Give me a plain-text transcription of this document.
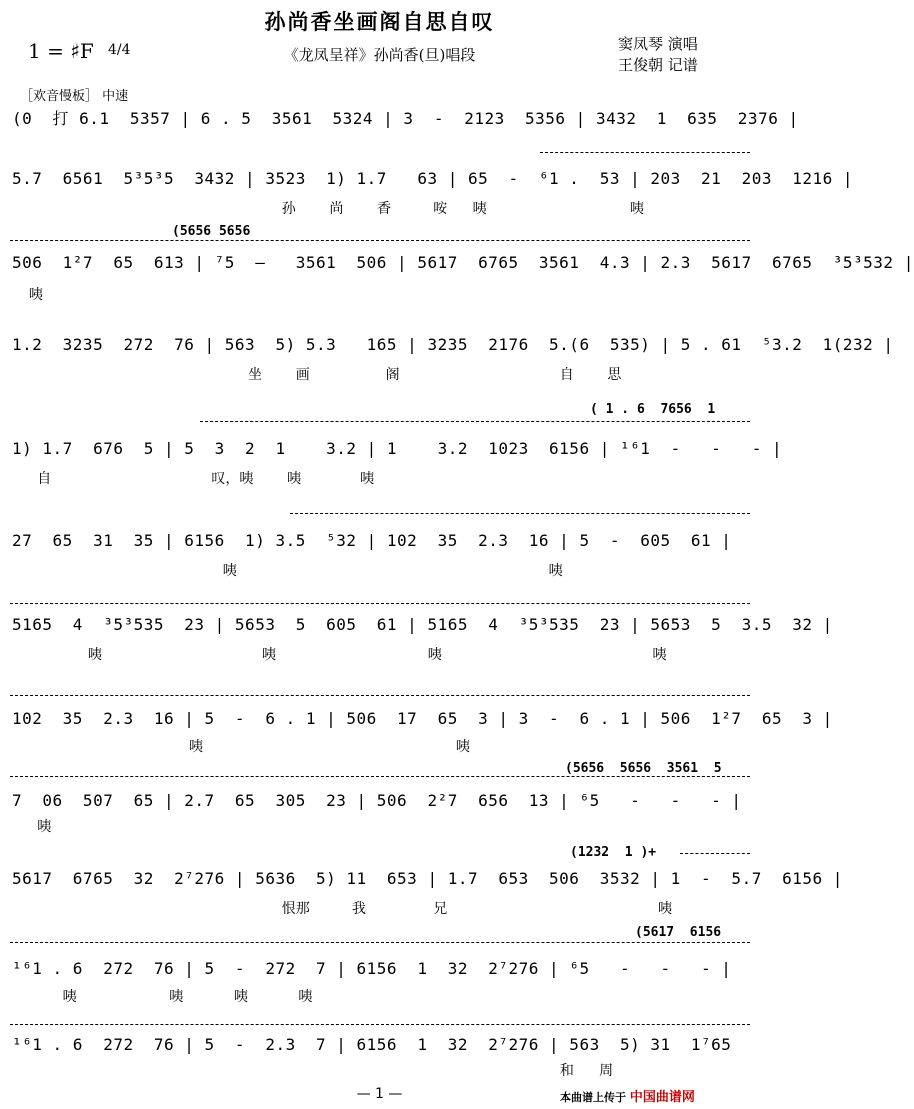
孙尚香坐画阁自思自叹
《龙凤呈祥》孙尚香(旦)唱段
1 = ♯F 4/4	窦凤琴 演唱
王俊朝 记谱
［欢音慢板］ 中速
(5656 5656
( 1 . 6  7656  1
(5656  5656  3561  5
(1232  1 )+
(5617  6156
(0  打 6.1  5357 | 6 . 5  3561  5324 | 3  -  2123  5356 | 3432  1  635  2376 |
5.7  6561  5³5³5  3432 | 3523  1) 1.7   63 | 65  -  ⁶1 .  53 | 203  21  203  1216 |
孙    尚    香     咹   咦                 咦
506  1²7  65  613 | ⁷5  —   3561  506 | 5617  6765  3561  4.3 | 2.3  5617  6765  ³5³532 |
咦
1.2  3235  272  76 | 563  5) 5.3   165 | 3235  2176  5.(6  535) | 5 . 61  ⁵3.2  1(232 |
坐    画         阁                   自    思
1) 1.7  676  5 | 5  3  2  1    3.2 | 1    3.2  1023  6156 | ¹⁶1  -   -   - |
自                   叹，咦    咦       咦
27  65  31  35 | 6156  1) 3.5  ⁵32 | 102  35  2.3  16 | 5  -  605  61 |
咦                                     咦
5165  4  ³5³535  23 | 5653  5  605  61 | 5165  4  ³5³535  23 | 5653  5  3.5  32 |
咦                   咦                  咦                         咦
102  35  2.3  16 | 5  -  6 . 1 | 506  17  65  3 | 3  -  6 . 1 | 506  1²7  65  3 |
咦                              咦
7  06  507  65 | 2.7  65  305  23 | 506  2²7  656  13 | ⁶5   -   -   - |
咦
5617  6765  32  2⁷276 | 5636  5) 11  653 | 1.7  653  506  3532 | 1  -  5.7  6156 |
恨那     我        兄                         咦
¹⁶1 . 6  272  76 | 5  -  272  7 | 6156  1  32  2⁷276 | ⁶5   -   -   - |
咦           咦      咦      咦
¹⁶1 . 6  272  76 | 5  -  2.3  7 | 6156  1  32  2⁷276 | 563  5) 31  1⁷65
和   周
— 1 —	本曲谱上传于 中国曲谱网
